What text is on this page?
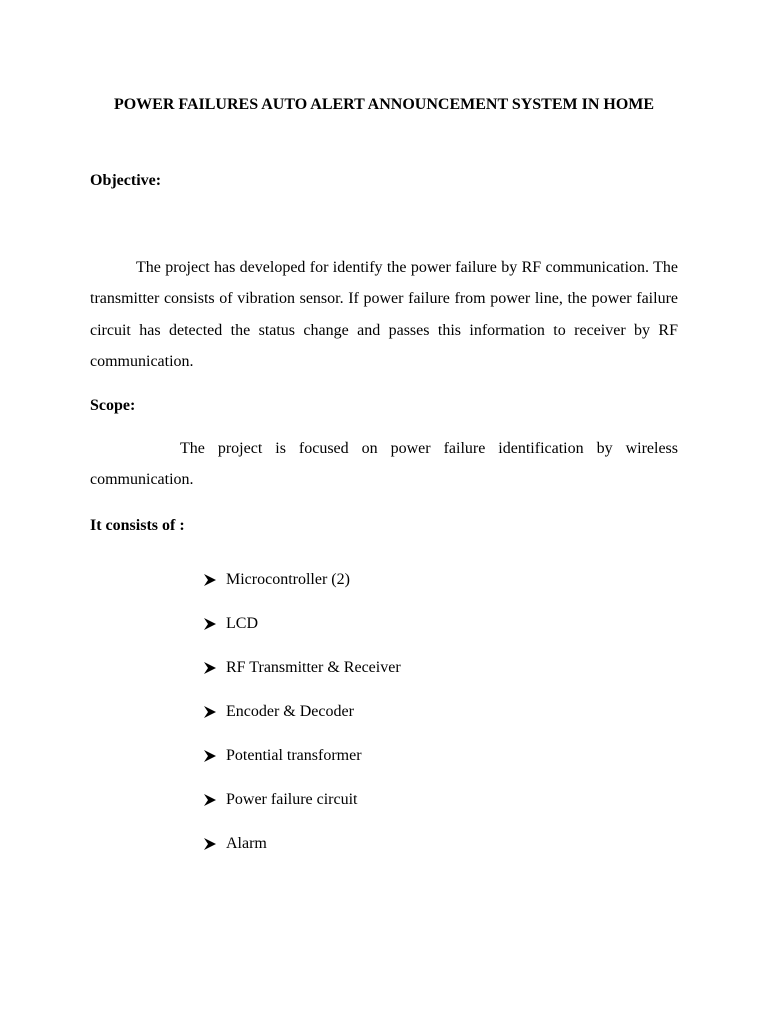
POWER FAILURES AUTO ALERT ANNOUNCEMENT SYSTEM IN HOME

Objective:

The project has developed for identify the power failure by RF communication. The transmitter consists of vibration sensor. If power failure from power line, the power failure circuit has detected the status change and passes this information to receiver by RF communication.

Scope:

The project is focused on power failure identification by wireless communication.

It consists of :

Microcontroller (2)
LCD
RF Transmitter & Receiver
Encoder & Decoder
Potential transformer
Power failure circuit
Alarm
